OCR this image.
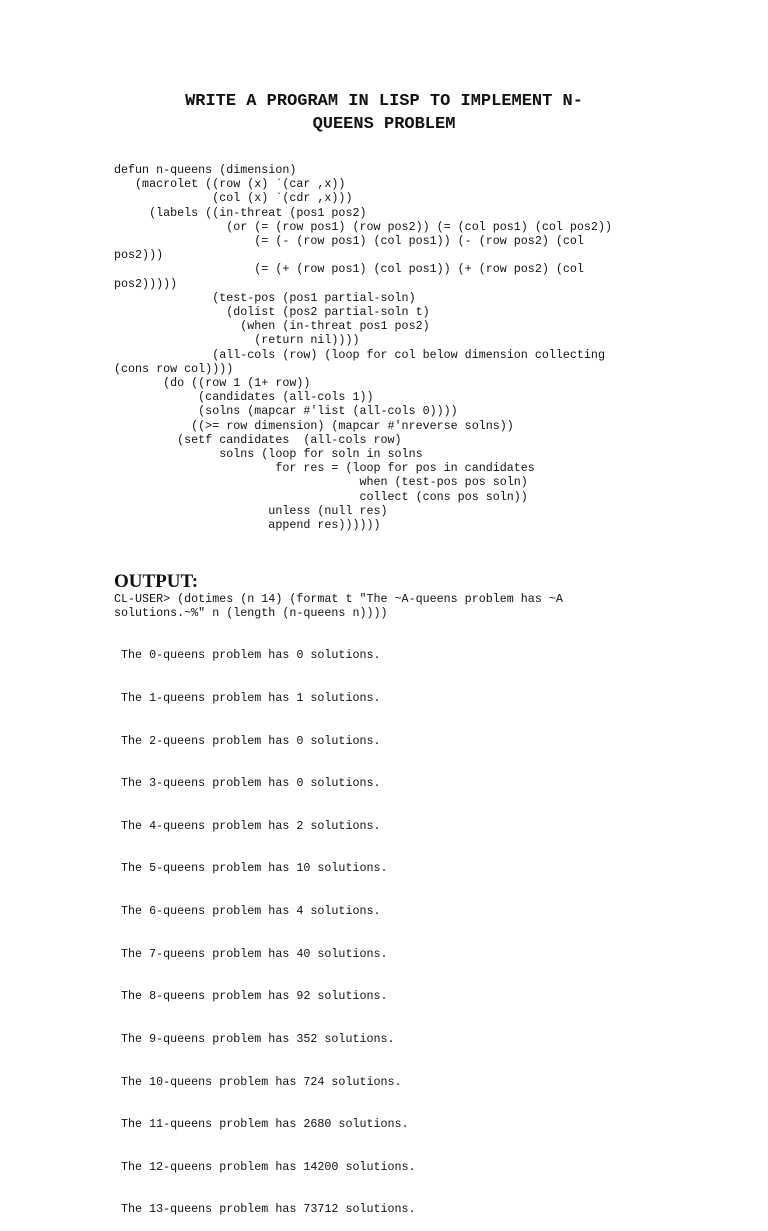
WRITE A PROGRAM IN LISP TO IMPLEMENT N-
QUEENS PROBLEM
defun n-queens (dimension)
(macrolet ((row (x) `(car ,x))
(col (x) `(cdr ,x)))
(labels ((in-threat (pos1 pos2)
(or (= (row pos1) (row pos2)) (= (col pos1) (col pos2))
(= (- (row pos1) (col pos1)) (- (row pos2) (col
pos2)))
(= (+ (row pos1) (col pos1)) (+ (row pos2) (col
pos2)))))
(test-pos (pos1 partial-soln)
(dolist (pos2 partial-soln t)
(when (in-threat pos1 pos2)
(return nil))))
(all-cols (row) (loop for col below dimension collecting
(cons row col))))
(do ((row 1 (1+ row))
(candidates (all-cols 1))
(solns (mapcar #'list (all-cols 0))))
((>= row dimension) (mapcar #'nreverse solns))
(setf candidates  (all-cols row)
solns (loop for soln in solns
for res = (loop for pos in candidates
when (test-pos pos soln)
collect (cons pos soln))
unless (null res)
append res))))))
OUTPUT:
CL-USER> (dotimes (n 14) (format t "The ~A-queens problem has ~A
solutions.~%" n (length (n-queens n))))

The 0-queens problem has 0 solutions.

The 1-queens problem has 1 solutions.

The 2-queens problem has 0 solutions.

The 3-queens problem has 0 solutions.

The 4-queens problem has 2 solutions.

The 5-queens problem has 10 solutions.

The 6-queens problem has 4 solutions.

The 7-queens problem has 40 solutions.

The 8-queens problem has 92 solutions.

The 9-queens problem has 352 solutions.

The 10-queens problem has 724 solutions.

The 11-queens problem has 2680 solutions.

The 12-queens problem has 14200 solutions.

The 13-queens problem has 73712 solutions.
